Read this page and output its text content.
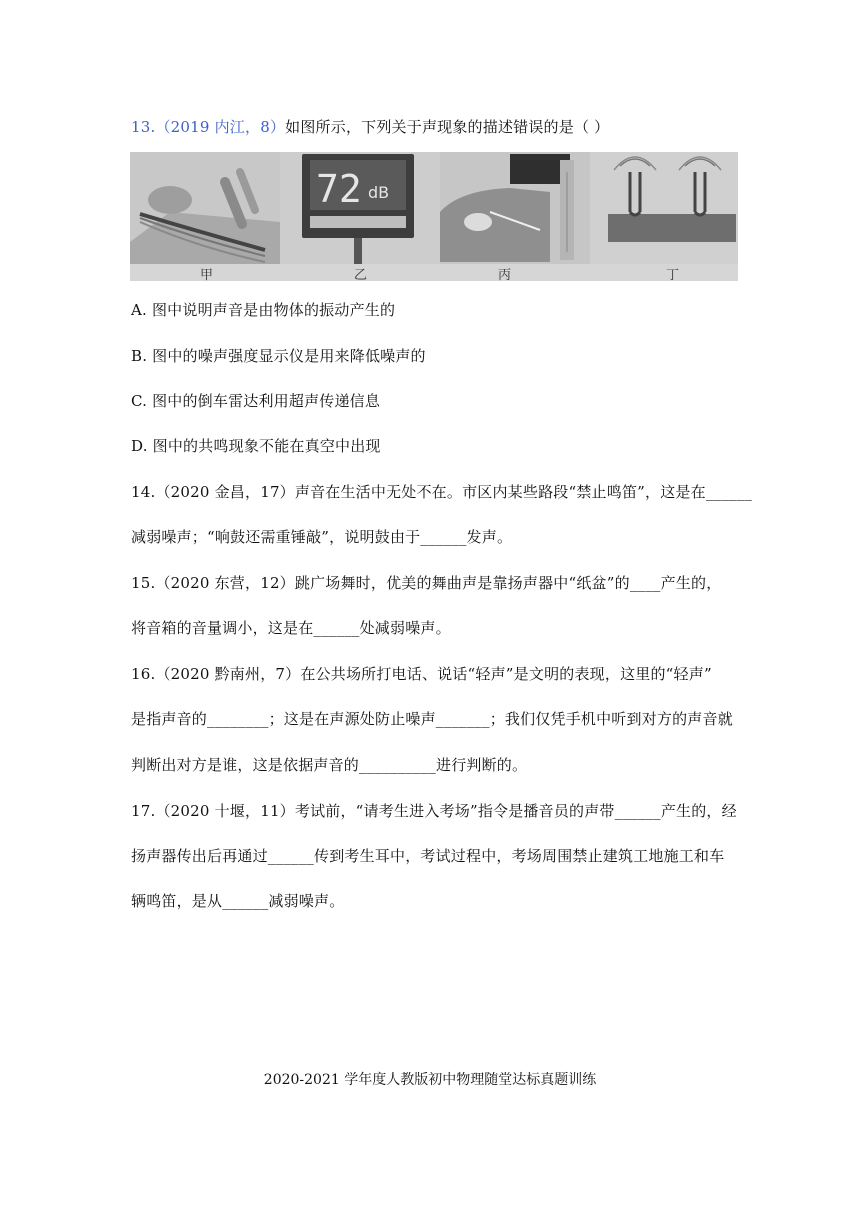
13.（2019 内江，8）如图所示，下列关于声现象的描述错误的是（ ）
72 dB
甲	乙	丙	丁
A. 图中说明声音是由物体的振动产生的
B. 图中的噪声强度显示仪是用来降低噪声的
C. 图中的倒车雷达利用超声传递信息
D. 图中的共鸣现象不能在真空中出现
14.（2020 金昌，17）声音在生活中无处不在。市区内某些路段“禁止鸣笛”，这是在______
减弱噪声；“响鼓还需重锤敲”，说明鼓由于______发声。
15.（2020 东营，12）跳广场舞时，优美的舞曲声是靠扬声器中“纸盆”的____产生的，
将音箱的音量调小，这是在______处减弱噪声。
16.（2020 黔南州，7）在公共场所打电话、说话“轻声”是文明的表现，这里的“轻声”
是指声音的________；这是在声源处防止噪声_______；我们仅凭手机中听到对方的声音就
判断出对方是谁，这是依据声音的__________进行判断的。
17.（2020 十堰，11）考试前，“请考生进入考场”指令是播音员的声带______产生的，经
扬声器传出后再通过______传到考生耳中，考试过程中，考场周围禁止建筑工地施工和车
辆鸣笛，是从______减弱噪声。
2020-2021 学年度人教版初中物理随堂达标真题训练
